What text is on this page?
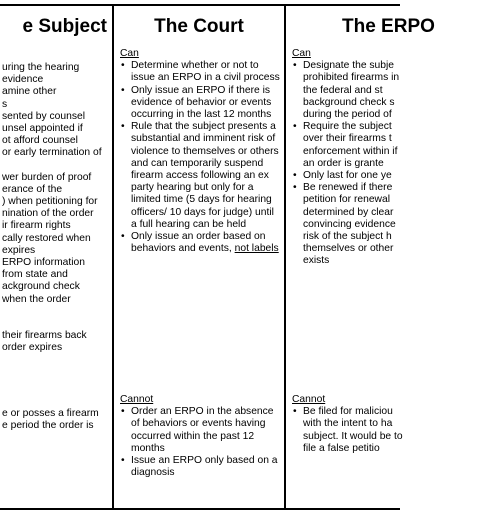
e Subject
uring the hearing
evidence
amine other
s
sented by counsel
unsel appointed if
ot afford counsel
or early termination of
wer burden of proof
erance of the
) when petitioning for
nination of the order
ir firearm rights
cally restored when
expires
ERPO information
from state and
ackground check
when the order
their firearms back
order expires
e or posses a firearm
e period the order is
The Court
Can
• Determine whether or not to issue an ERPO in a civil process
• Only issue an ERPO if there is evidence of behavior or events occurring in the last 12 months
• Rule that the subject presents a substantial and imminent risk of violence to themselves or others and can temporarily suspend firearm access following an ex party hearing but only for a limited time (5 days for hearing officers/ 10 days for judge) until a full hearing can be held
• Only issue an order based on behaviors and events, not labels
Cannot
• Order an ERPO in the absence of behaviors or events having occurred within the past 12 months
• Issue an ERPO only based on a diagnosis
The ERPO
Can
• Designate the subje prohibited firearms in the federal and st background check s during the period of
• Require the subject over their firearms t enforcement within if an order is grante
• Only last for one ye
• Be renewed if there petition for renewal determined by clear convincing evidence risk of the subject h themselves or other exists
Cannot
• Be filed for maliciou with the intent to ha subject. It would be to file a false petitio
